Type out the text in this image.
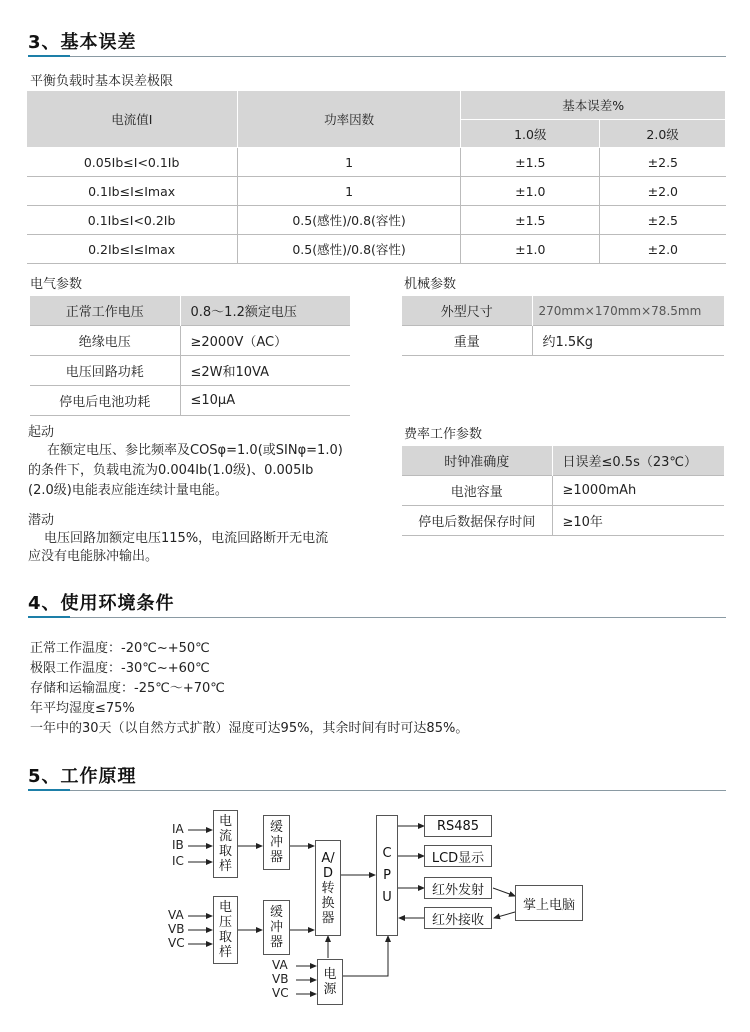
3、基本误差
平衡负载时基本误差极限
电流值I	功率因数	基本误差%	
		1.0级	2.0级
0.05Ib≤I<0.1Ib	1	±1.5	±2.5
0.1Ib≤I≤Imax	1	±1.0	±2.0
0.1Ib≤I<0.2Ib	0.5(感性)/0.8(容性)	±1.5	±2.5
0.2Ib≤I≤Imax	0.5(感性)/0.8(容性)	±1.0	±2.0
电气参数
正常工作电压	0.8～1.2额定电压
绝缘电压	≥2000V（AC）
电压回路功耗	≤2W和10VA
停电后电池功耗	≤10μA
机械参数
外型尺寸	270mm×170mm×78.5mm
重量	约1.5Kg
起动
在额定电压、参比频率及COSφ=1.0(或SINφ=1.0)
的条件下，负载电流为0.004Ib(1.0级)、0.005Ib
(2.0级)电能表应能连续计量电能。
潜动
电压回路加额定电压115%，电流回路断开无电流
应没有电能脉冲输出。
费率工作参数
时钟准确度	日误差≤0.5s（23℃）
电池容量	≥1000mAh
停电后数据保存时间	≥10年
4、使用环境条件
正常工作温度：-20℃~+50℃
极限工作温度：-30℃~+60℃
存储和运输温度：-25℃～+70℃
年平均湿度≤75%
一年中的30天（以自然方式扩散）湿度可达95%，其余时间有时可达85%。
5、工作原理
IA
IB
IC
VA
VB
VC
VA
VB
VC
电流取样
电压取样
缓冲器
缓冲器
A/D转换器
CPU
电源
RS485
LCD显示
红外发射
红外接收
掌上电脑
